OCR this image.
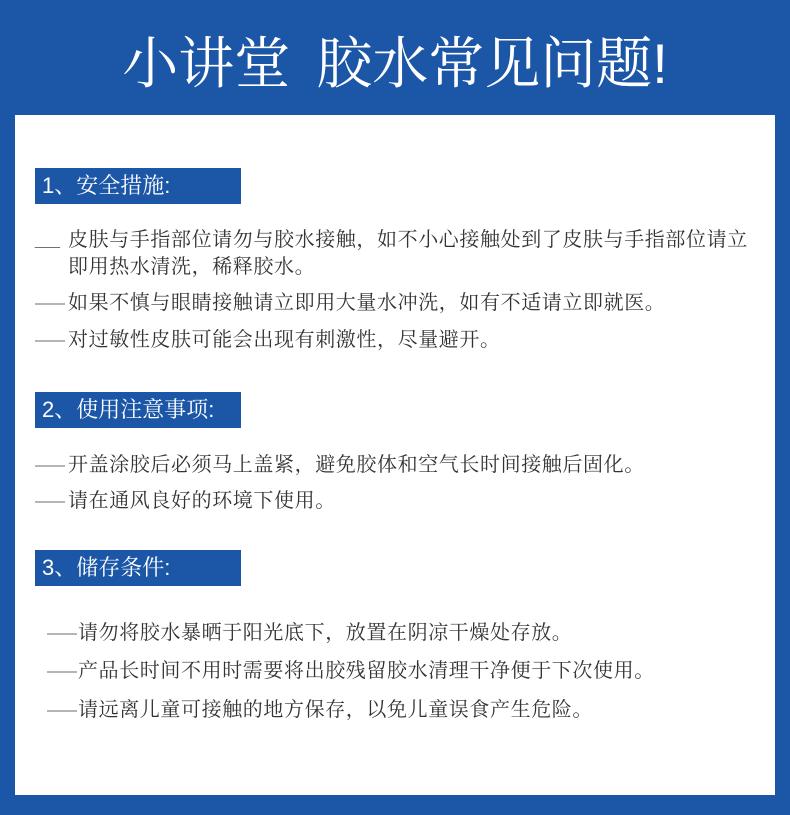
小讲堂 胶水常见问题!
1、安全措施:
___ 皮肤与手指部位请勿与胶水接触，如不小心接触处到了皮肤与手指部位请立
即用热水清洗，稀释胶水。
—— 如果不慎与眼睛接触请立即用大量水冲洗，如有不适请立即就医。
—— 对过敏性皮肤可能会出现有刺激性，尽量避开。
2、使用注意事项:
—— 开盖涂胶后必须马上盖紧，避免胶体和空气长时间接触后固化。
—— 请在通风良好的环境下使用。
3、储存条件:
——请勿将胶水暴晒于阳光底下，放置在阴凉干燥处存放。
——产品长时间不用时需要将出胶残留胶水清理干净便于下次使用。
——请远离儿童可接触的地方保存，以免儿童误食产生危险。
